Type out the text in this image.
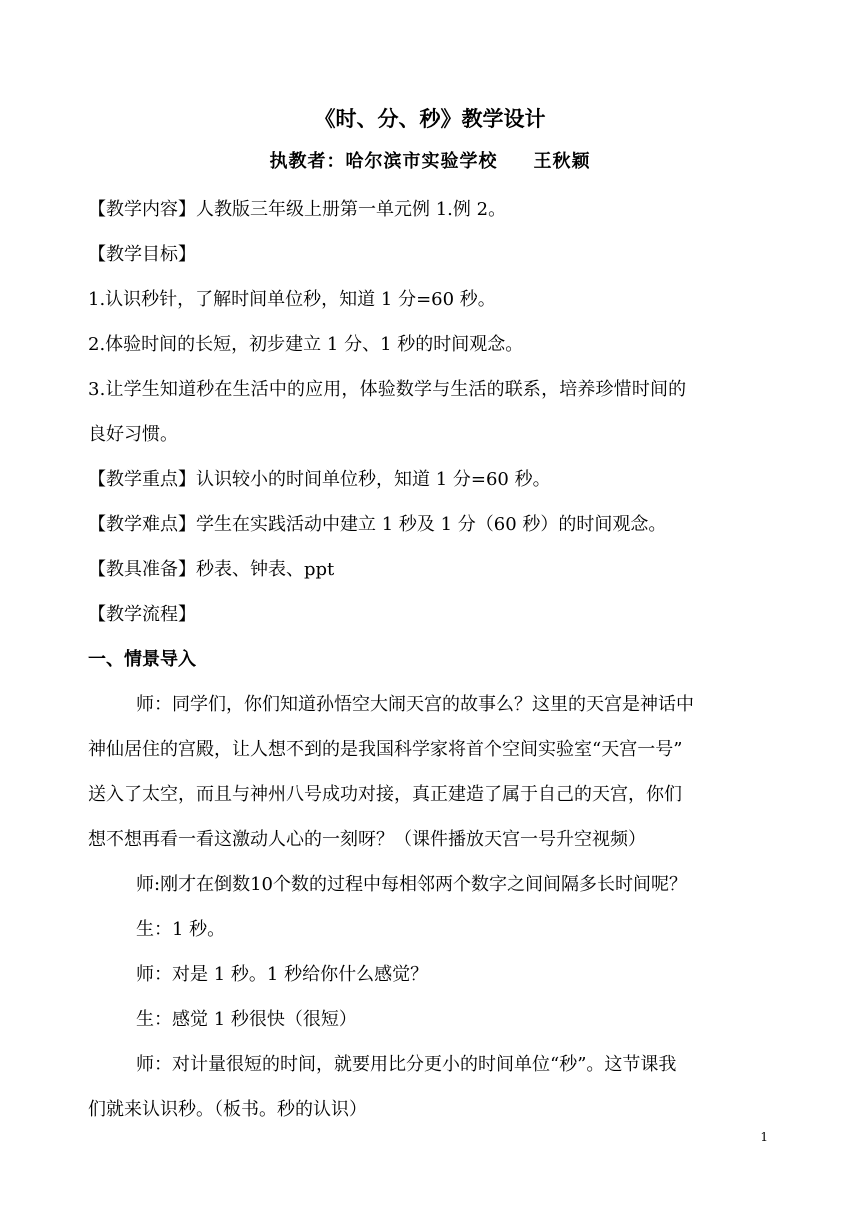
《时、分、秒》教学设计
执教者：哈尔滨市实验学校 王秋颖
【教学内容】人教版三年级上册第一单元例 1.例 2。
【教学目标】
1.认识秒针，了解时间单位秒，知道 1 分=60 秒。
2.体验时间的长短，初步建立 1 分、1 秒的时间观念。
3.让学生知道秒在生活中的应用，体验数学与生活的联系，培养珍惜时间的
良好习惯。
【教学重点】认识较小的时间单位秒，知道 1 分=60 秒。
【教学难点】学生在实践活动中建立 1 秒及 1 分（60 秒）的时间观念。
【教具准备】秒表、钟表、ppt
【教学流程】
一、情景导入
师：同学们，你们知道孙悟空大闹天宫的故事么？这里的天宫是神话中
神仙居住的宫殿，让人想不到的是我国科学家将首个空间实验室“天宫一号”
送入了太空，而且与神州八号成功对接，真正建造了属于自己的天宫，你们
想不想再看一看这激动人心的一刻呀？（课件播放天宫一号升空视频）
师:刚才在倒数10个数的过程中每相邻两个数字之间间隔多长时间呢？
生：1 秒。
师：对是 1 秒。1 秒给你什么感觉？
生：感觉 1 秒很快（很短）
师：对计量很短的时间，就要用比分更小的时间单位“秒”。这节课我
们就来认识秒。（板书。秒的认识）
1
